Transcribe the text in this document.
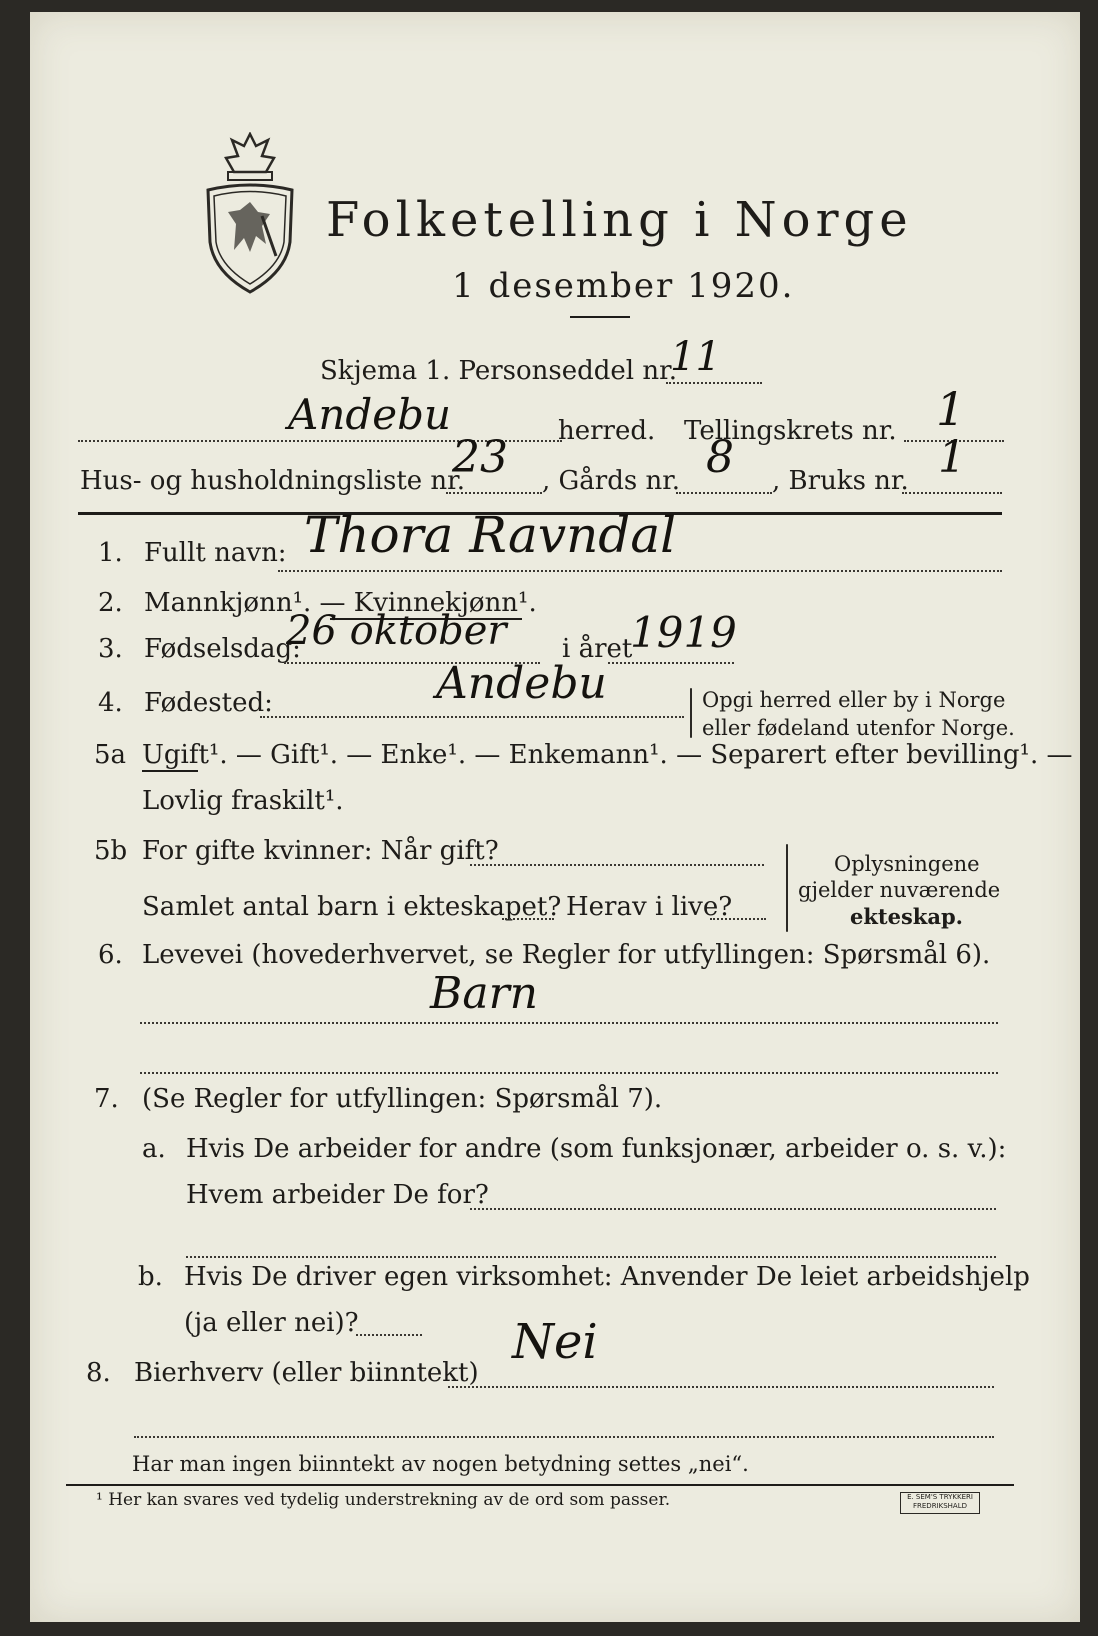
Folketelling i Norge
1 desember 1920.
Skjema 1. Personseddel nr.
11
Andebu	herred. Tellingskrets nr. 1
Hus- og husholdningsliste nr.
23 , Gårds nr. 8 , Bruks nr. 1
1. Fullt navn: Thora Ravndal
2. Mannkjønn¹. — Kvinnekjønn¹.
3. Fødselsdag:
26 oktober i året
1919
4. Fødested:	Andebu	Opgi herred eller by i Norge
eller fødeland utenfor Norge.
5a Ugift¹. — Gift¹. — Enke¹. — Enkemann¹. — Separert efter bevilling¹. —
Lovlig fraskilt¹.
5b For gifte kvinner: Når gift?
Samlet antal barn i ekteskapet? Herav i live?
Oplysningene
gjelder nuværende
ekteskap.
6. Levevei (hovederhvervet, se Regler for utfyllingen: Spørsmål 6).
Barn
7. (Se Regler for utfyllingen: Spørsmål 7).
a. Hvis De arbeider for andre (som funksjonær, arbeider o. s. v.):
Hvem arbeider De for?
b. Hvis De driver egen virksomhet: Anvender De leiet arbeidshjelp
(ja eller nei)?
8. Bierhverv (eller biinntekt)
Nei
Har man ingen biinntekt av nogen betydning settes „nei“.
¹ Her kan svares ved tydelig understrekning av de ord som passer.	E. SEM'S TRYKKERI
FREDRIKSHALD
